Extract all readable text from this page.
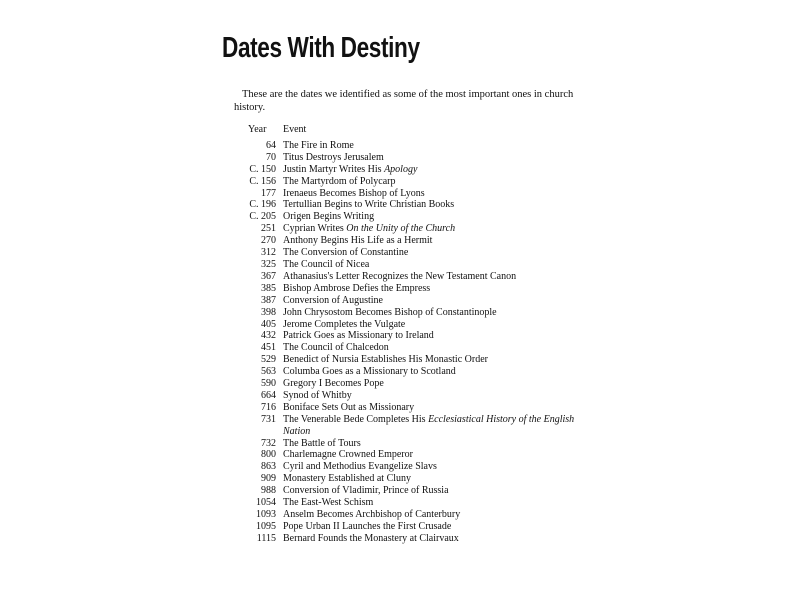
Dates With Destiny

These are the dates we identified as some of the most important ones in church history.

Year	Event
64 The Fire in Rome
70 Titus Destroys Jerusalem
C. 150 Justin Martyr Writes His Apology
C. 156 The Martyrdom of Polycarp
177 Irenaeus Becomes Bishop of Lyons
C. 196 Tertullian Begins to Write Christian Books
C. 205 Origen Begins Writing
251 Cyprian Writes On the Unity of the Church
270 Anthony Begins His Life as a Hermit
312 The Conversion of Constantine
325 The Council of Nicea
367 Athanasius's Letter Recognizes the New Testament Canon
385 Bishop Ambrose Defies the Empress
387 Conversion of Augustine
398 John Chrysostom Becomes Bishop of Constantinople
405 Jerome Completes the Vulgate
432 Patrick Goes as Missionary to Ireland
451 The Council of Chalcedon
529 Benedict of Nursia Establishes His Monastic Order
563 Columba Goes as a Missionary to Scotland
590 Gregory I Becomes Pope
664 Synod of Whitby
716 Boniface Sets Out as Missionary
731 The Venerable Bede Completes His Ecclesiastical History of the English Nation
732 The Battle of Tours
800 Charlemagne Crowned Emperor
863 Cyril and Methodius Evangelize Slavs
909 Monastery Established at Cluny
988 Conversion of Vladimir, Prince of Russia
1054 The East-West Schism
1093 Anselm Becomes Archbishop of Canterbury
1095 Pope Urban II Launches the First Crusade
1115 Bernard Founds the Monastery at Clairvaux
